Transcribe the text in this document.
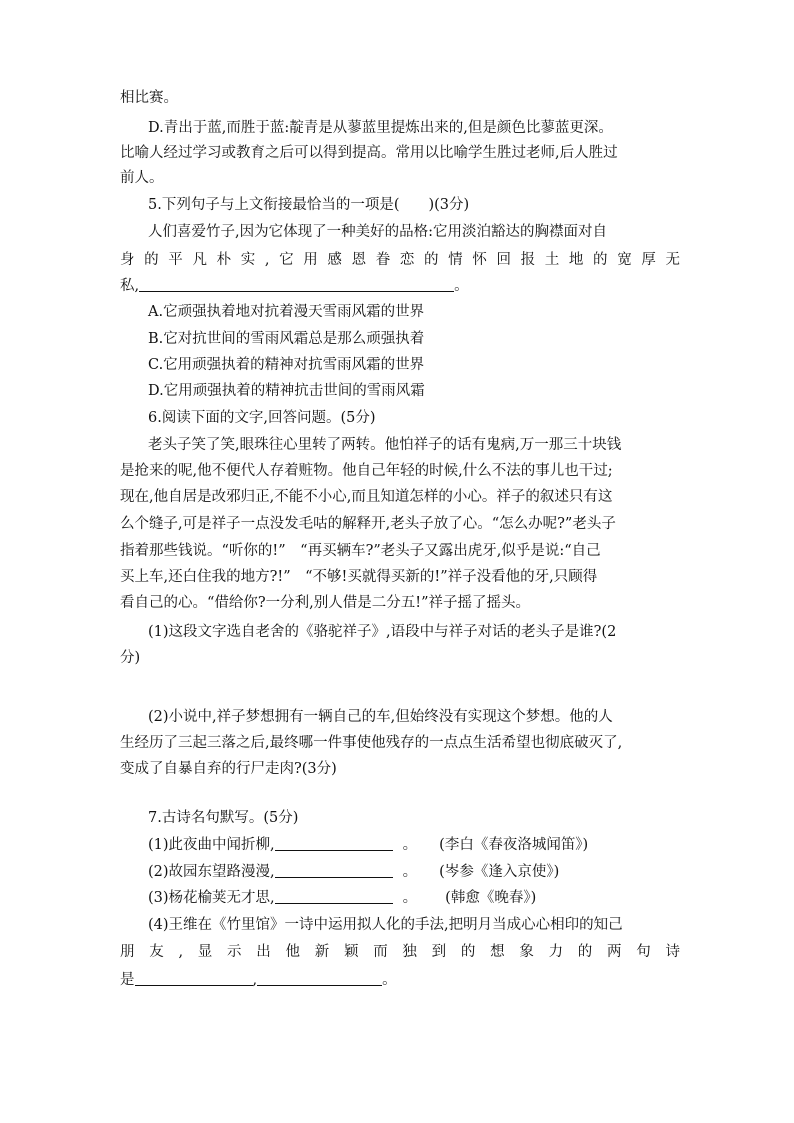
相比赛。
D.青出于蓝,而胜于蓝:靛青是从蓼蓝里提炼出来的,但是颜色比蓼蓝更深。
比喻人经过学习或教育之后可以得到提高。常用以比喻学生胜过老师,后人胜过
前人。
5.下列句子与上文衔接最恰当的一项是(　　)(3分)
人们喜爱竹子,因为它体现了一种美好的品格:它用淡泊豁达的胸襟面对自
身的平凡朴实,它用感恩眷恋的情怀回报土地的宽厚无
私,	。
A.它顽强执着地对抗着漫天雪雨风霜的世界
B.它对抗世间的雪雨风霜总是那么顽强执着
C.它用顽强执着的精神对抗雪雨风霜的世界
D.它用顽强执着的精神抗击世间的雪雨风霜
6.阅读下面的文字,回答问题。(5分)
老头子笑了笑,眼珠往心里转了两转。他怕祥子的话有鬼病,万一那三十块钱
是抢来的呢,他不便代人存着赃物。他自己年轻的时候,什么不法的事儿也干过;
现在,他自居是改邪归正,不能不小心,而且知道怎样的小心。祥子的叙述只有这
么个缝子,可是祥子一点没发毛咕的解释开,老头子放了心。“怎么办呢?”老头子
指着那些钱说。“听你的!”　“再买辆车?”老头子又露出虎牙,似乎是说:“自己
买上车,还白住我的地方?!”　“不够!买就得买新的!”祥子没看他的牙,只顾得
看自己的心。“借给你?一分利,别人借是二分五!”祥子摇了摇头。
(1)这段文字选自老舍的《骆驼祥子》,语段中与祥子对话的老头子是谁?(2
分)
(2)小说中,祥子梦想拥有一辆自己的车,但始终没有实现这个梦想。他的人
生经历了三起三落之后,最终哪一件事使他残存的一点点生活希望也彻底破灭了,
变成了自暴自弃的行尸走肉?(3分)
7.古诗名句默写。(5分)
(1)此夜曲中闻折柳,	。 (李白《春夜洛城闻笛》)
(2)故园东望路漫漫,	。 (岑参《逢入京使》)
(3)杨花榆荚无才思,	。 (韩愈《晚春》)
(4)王维在《竹里馆》一诗中运用拟人化的手法,把明月当成心心相印的知己
朋友,显示出他新颖而独到的想象力的两句诗
是	,	。
